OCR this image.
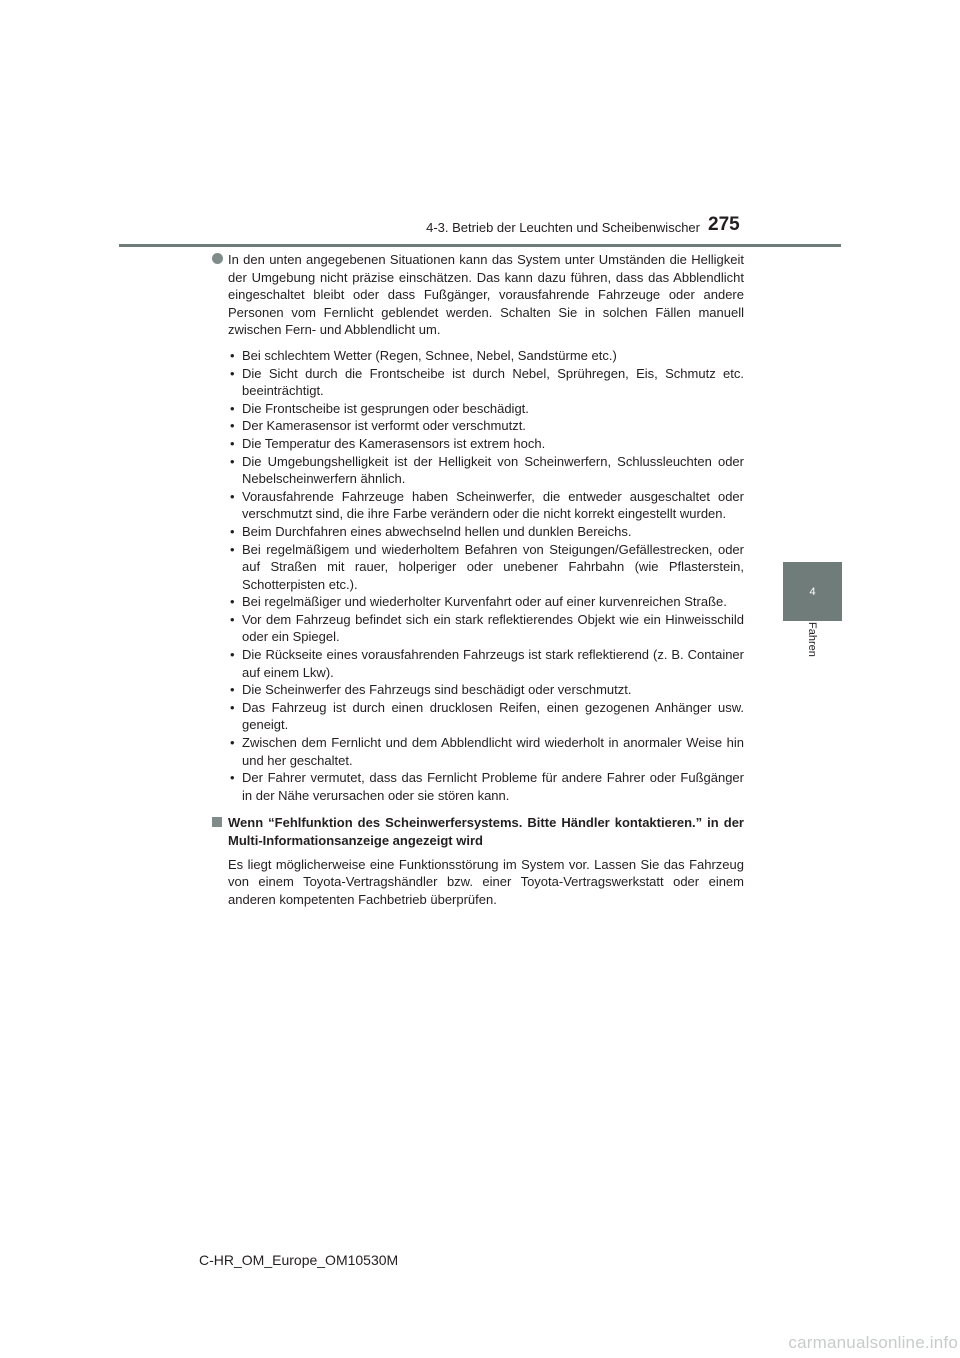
4-3. Betrieb der Leuchten und Scheibenwischer 275
4
Fahren
In den unten angegebenen Situationen kann das System unter Umständen die Helligkeit der Umgebung nicht präzise einschätzen. Das kann dazu führen, dass das Abblendlicht eingeschaltet bleibt oder dass Fußgänger, vorausfahrende Fahrzeuge oder andere Personen vom Fernlicht geblendet werden. Schalten Sie in solchen Fällen manuell zwischen Fern- und Abblendlicht um.
• Bei schlechtem Wetter (Regen, Schnee, Nebel, Sandstürme etc.)
• Die Sicht durch die Frontscheibe ist durch Nebel, Sprühregen, Eis, Schmutz etc. beeinträchtigt.
• Die Frontscheibe ist gesprungen oder beschädigt.
• Der Kamerasensor ist verformt oder verschmutzt.
• Die Temperatur des Kamerasensors ist extrem hoch.
• Die Umgebungshelligkeit ist der Helligkeit von Scheinwerfern, Schlussleuchten oder Nebelscheinwerfern ähnlich.
• Vorausfahrende Fahrzeuge haben Scheinwerfer, die entweder ausgeschaltet oder verschmutzt sind, die ihre Farbe verändern oder die nicht korrekt eingestellt wurden.
• Beim Durchfahren eines abwechselnd hellen und dunklen Bereichs.
• Bei regelmäßigem und wiederholtem Befahren von Steigungen/Gefällestrecken, oder auf Straßen mit rauer, holperiger oder unebener Fahrbahn (wie Pflasterstein, Schotterpisten etc.).
• Bei regelmäßiger und wiederholter Kurvenfahrt oder auf einer kurvenreichen Straße.
• Vor dem Fahrzeug befindet sich ein stark reflektierendes Objekt wie ein Hinweisschild oder ein Spiegel.
• Die Rückseite eines vorausfahrenden Fahrzeugs ist stark reflektierend (z. B. Container auf einem Lkw).
• Die Scheinwerfer des Fahrzeugs sind beschädigt oder verschmutzt.
• Das Fahrzeug ist durch einen drucklosen Reifen, einen gezogenen Anhänger usw. geneigt.
• Zwischen dem Fernlicht und dem Abblendlicht wird wiederholt in anormaler Weise hin und her geschaltet.
• Der Fahrer vermutet, dass das Fernlicht Probleme für andere Fahrer oder Fußgänger in der Nähe verursachen oder sie stören kann.
Wenn “Fehlfunktion des Scheinwerfersystems. Bitte Händler kontaktieren.” in der Multi-Informationsanzeige angezeigt wird
Es liegt möglicherweise eine Funktionsstörung im System vor. Lassen Sie das Fahrzeug von einem Toyota-Vertragshändler bzw. einer Toyota-Vertragswerkstatt oder einem anderen kompetenten Fachbetrieb überprüfen.
C-HR_OM_Europe_OM10530M
carmanualsonline.info
